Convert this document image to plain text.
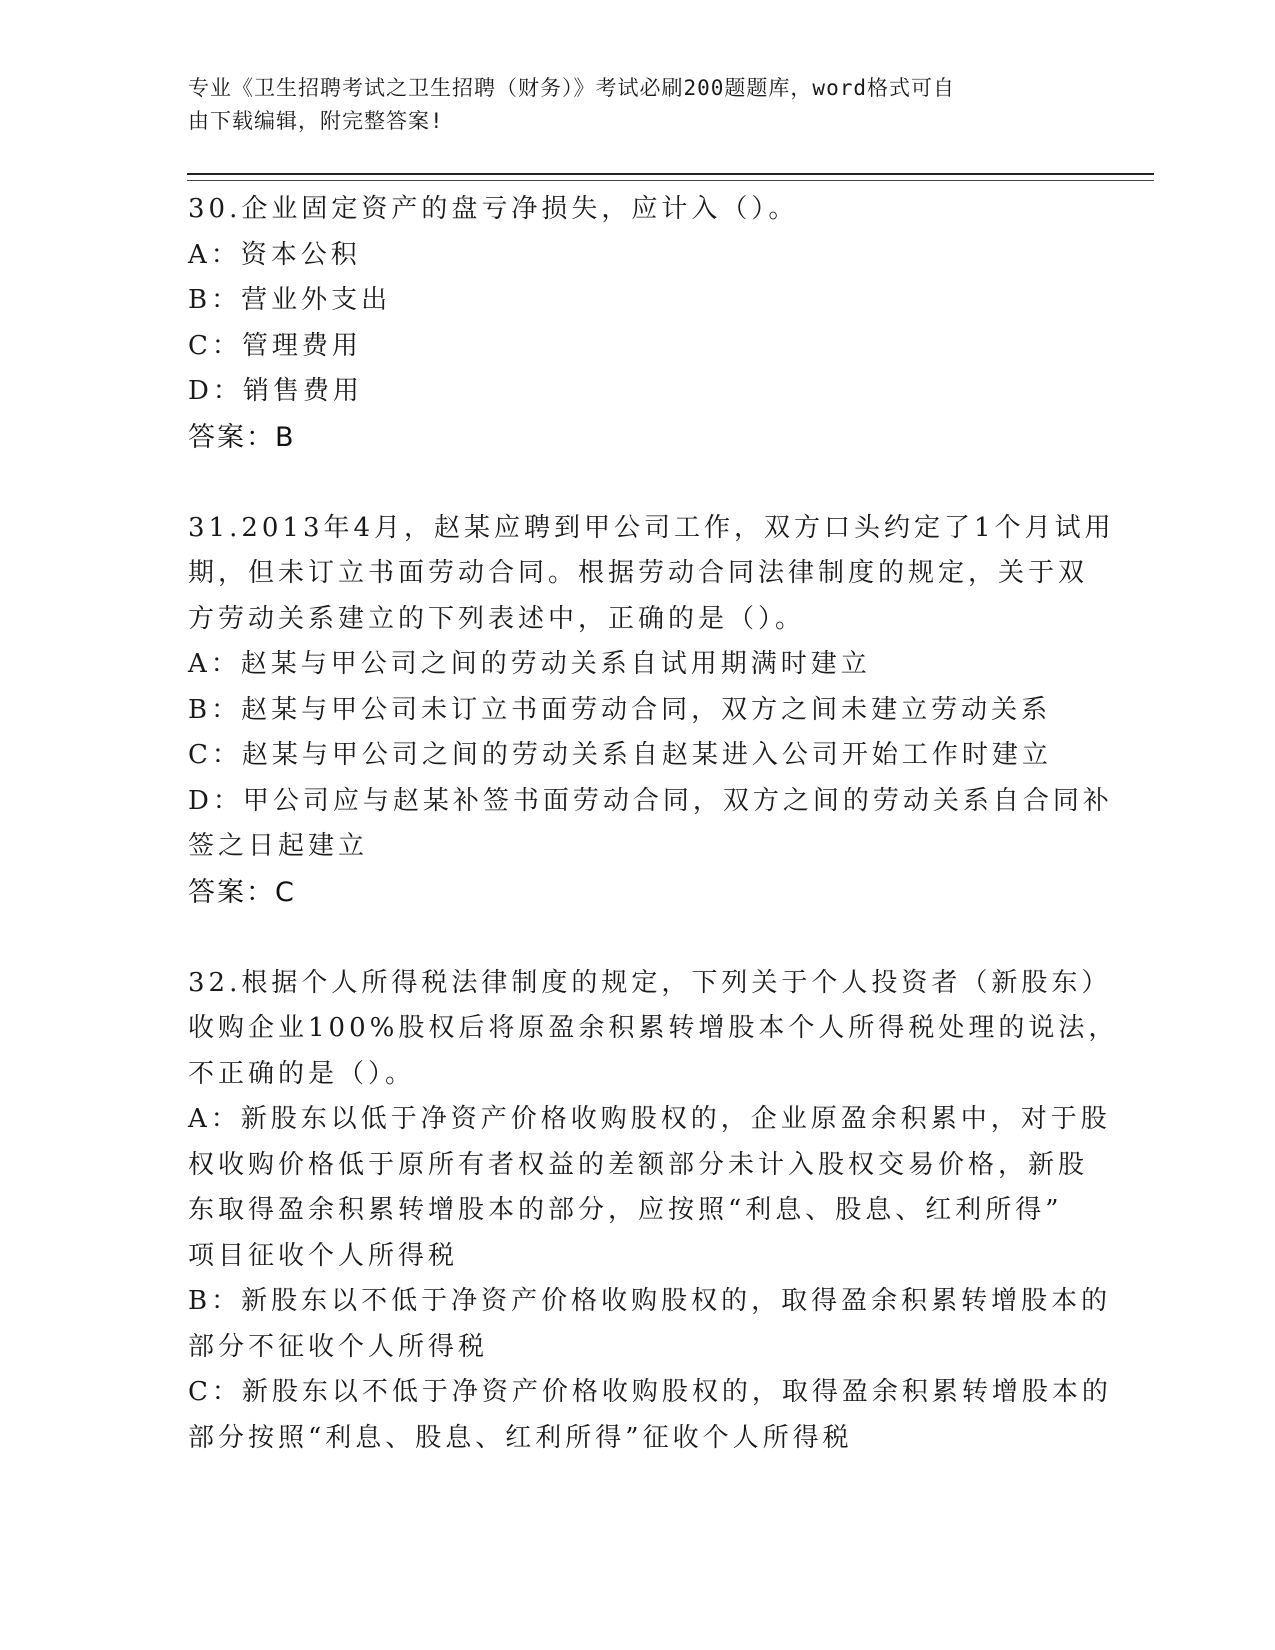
专业《卫生招聘考试之卫生招聘（财务）》考试必刷200题题库，word格式可自
由下载编辑，附完整答案!
30.企业固定资产的盘亏净损失，应计入（）。
A：资本公积
B：营业外支出
C：管理费用
D：销售费用
答案：B
31.2013年4月，赵某应聘到甲公司工作，双方口头约定了1个月试用
期，但未订立书面劳动合同。根据劳动合同法律制度的规定，关于双
方劳动关系建立的下列表述中，正确的是（）。
A：赵某与甲公司之间的劳动关系自试用期满时建立
B：赵某与甲公司未订立书面劳动合同，双方之间未建立劳动关系
C：赵某与甲公司之间的劳动关系自赵某进入公司开始工作时建立
D：甲公司应与赵某补签书面劳动合同，双方之间的劳动关系自合同补
签之日起建立
答案：C
32.根据个人所得税法律制度的规定，下列关于个人投资者（新股东）
收购企业100%股权后将原盈余积累转增股本个人所得税处理的说法，
不正确的是（）。
A：新股东以低于净资产价格收购股权的，企业原盈余积累中，对于股
权收购价格低于原所有者权益的差额部分未计入股权交易价格，新股
东取得盈余积累转增股本的部分，应按照“利息、股息、红利所得”
项目征收个人所得税
B：新股东以不低于净资产价格收购股权的，取得盈余积累转增股本的
部分不征收个人所得税
C：新股东以不低于净资产价格收购股权的，取得盈余积累转增股本的
部分按照“利息、股息、红利所得”征收个人所得税
